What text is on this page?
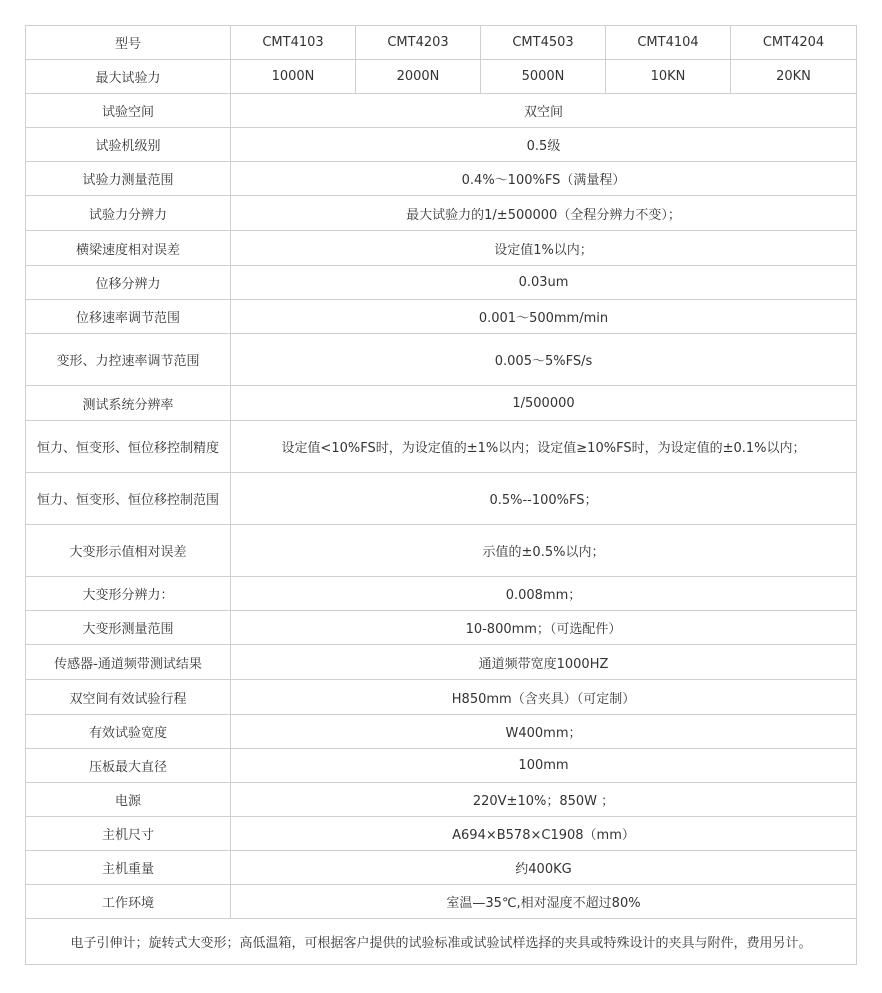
型号	CMT4103	CMT4203	CMT4503	CMT4104	CMT4204
最大试验力	1000N	2000N	5000N	10KN	20KN
试验空间	双空间				
试验机级别	0.5级				
试验力测量范围	0.4%～100%FS（满量程）				
试验力分辨力	最大试验力的1/±500000（全程分辨力不变）；				
横梁速度相对误差	设定值1%以内；				
位移分辨力	0.03um				
位移速率调节范围	0.001～500mm/min				
变形、力控速率调节范围	0.005～5%FS/s				
测试系统分辨率	1/500000				
恒力、恒变形、恒位移控制精度	设定值<10%FS时，为设定值的±1%以内；设定值≥10%FS时，为设定值的±0.1%以内；				
恒力、恒变形、恒位移控制范围	0.5%--100%FS；				
大变形示值相对误差	示值的±0.5%以内；				
大变形分辨力：	0.008mm；				
大变形测量范围	10-800mm；（可选配件）				
传感器-通道频带测试结果	通道频带宽度1000HZ				
双空间有效试验行程	H850mm（含夹具）（可定制）				
有效试验宽度	W400mm；				
压板最大直径	100mm				
电源	220V±10%；850W ；				
主机尺寸	A694×B578×C1908（mm）				
主机重量	约400KG				
工作环境	室温—35℃,相对湿度不超过80%				
电子引伸计；旋转式大变形；高低温箱，可根据客户提供的试验标准或试验试样选择的夹具或特殊设计的夹具与附件，费用另计。					
